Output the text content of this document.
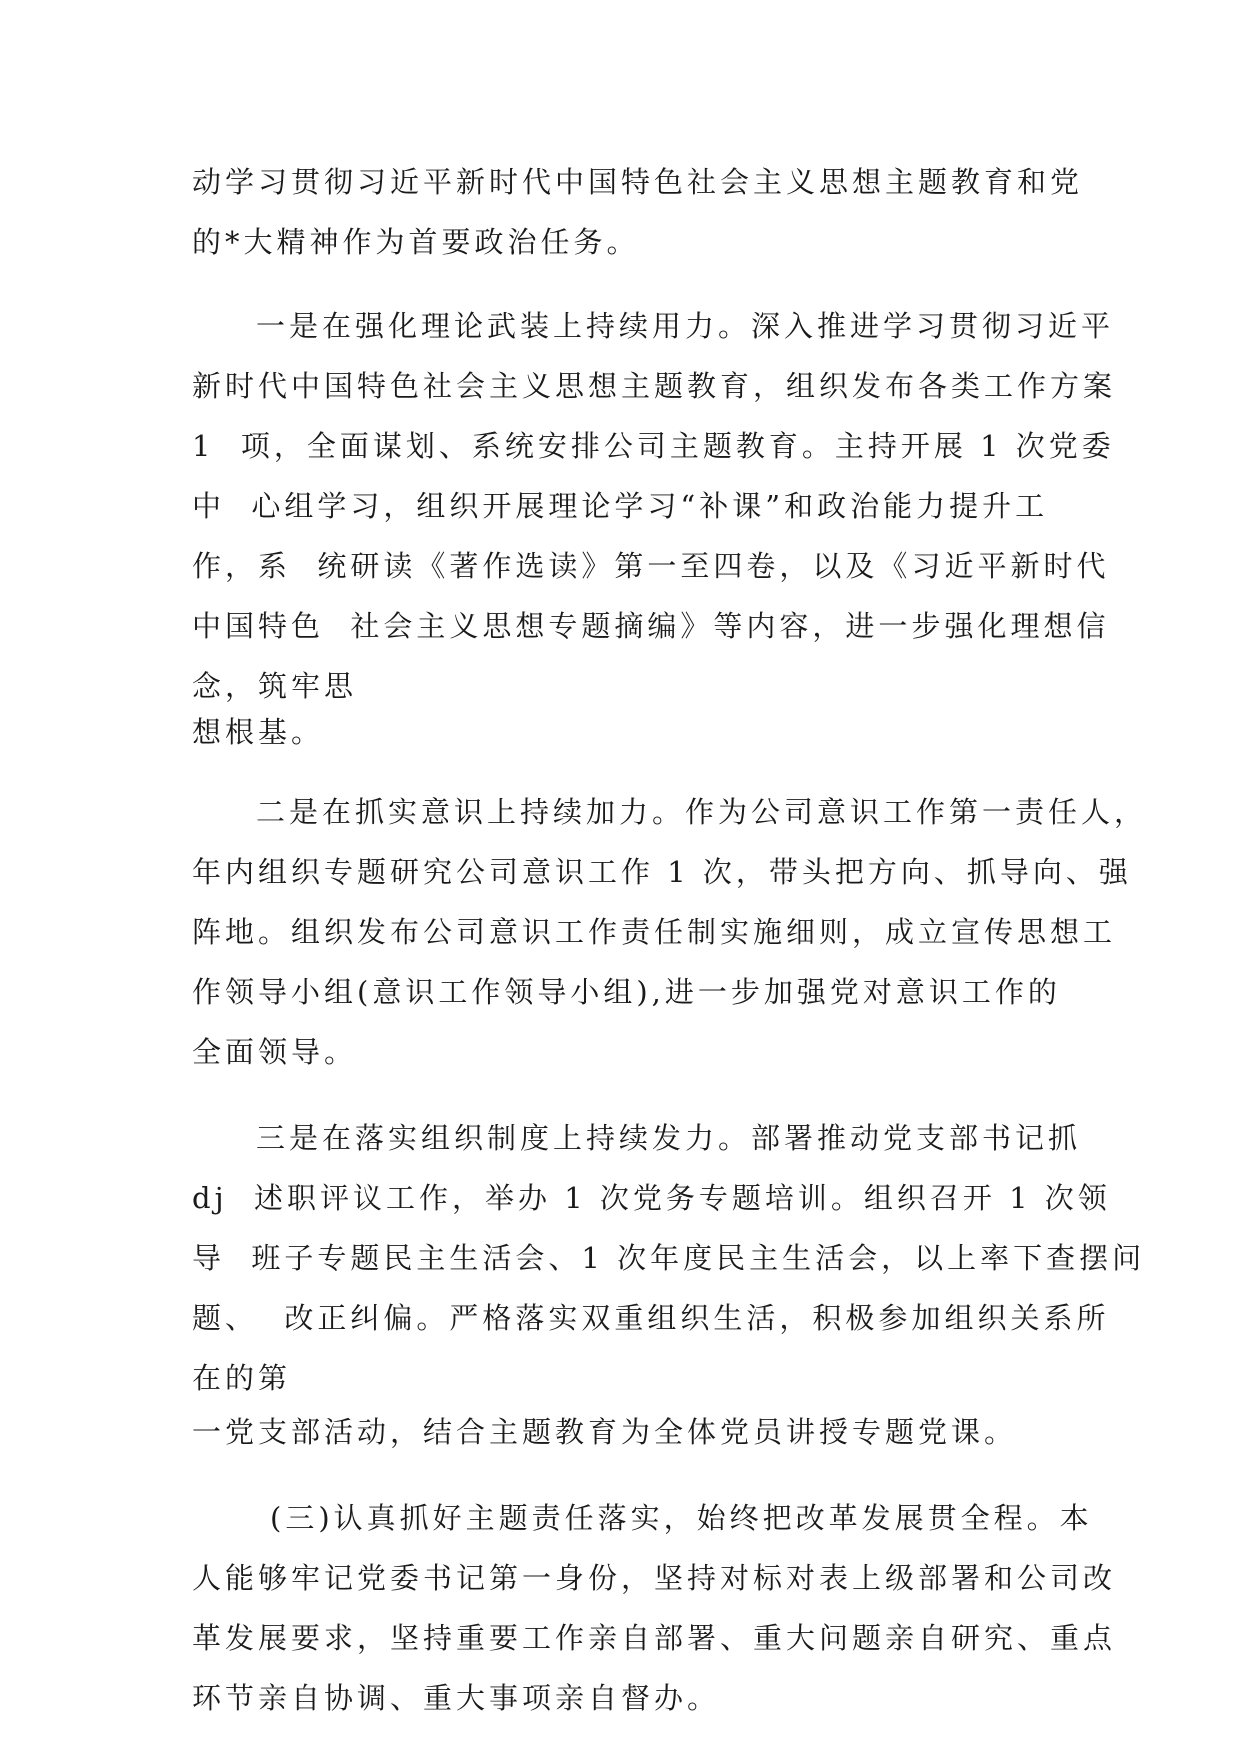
动学习贯彻习近平新时代中国特色社会主义思想主题教育和党

的*大精神作为首要政治任务。

一是在强化理论武装上持续用力。深入推进学习贯彻习近平

新时代中国特色社会主义思想主题教育，组织发布各类工作方案

1  项，全面谋划、系统安排公司主题教育。主持开展 1 次党委

中  心组学习，组织开展理论学习“补课”和政治能力提升工

作，系  统研读《著作选读》第一至四卷，以及《习近平新时代

中国特色  社会主义思想专题摘编》等内容，进一步强化理想信

念，筑牢思

想根基。

二是在抓实意识上持续加力。作为公司意识工作第一责任人，

年内组织专题研究公司意识工作 1 次，带头把方向、抓导向、强

阵地。组织发布公司意识工作责任制实施细则，成立宣传思想工

作领导小组(意识工作领导小组),进一步加强党对意识工作的

全面领导。

三是在落实组织制度上持续发力。部署推动党支部书记抓

dj  述职评议工作，举办 1 次党务专题培训。组织召开 1 次领

导  班子专题民主生活会、1 次年度民主生活会，以上率下查摆问

题、  改正纠偏。严格落实双重组织生活，积极参加组织关系所

在的第

一党支部活动，结合主题教育为全体党员讲授专题党课。

(三)认真抓好主题责任落实，始终把改革发展贯全程。本

人能够牢记党委书记第一身份，坚持对标对表上级部署和公司改

革发展要求，坚持重要工作亲自部署、重大问题亲自研究、重点

环节亲自协调、重大事项亲自督办。
